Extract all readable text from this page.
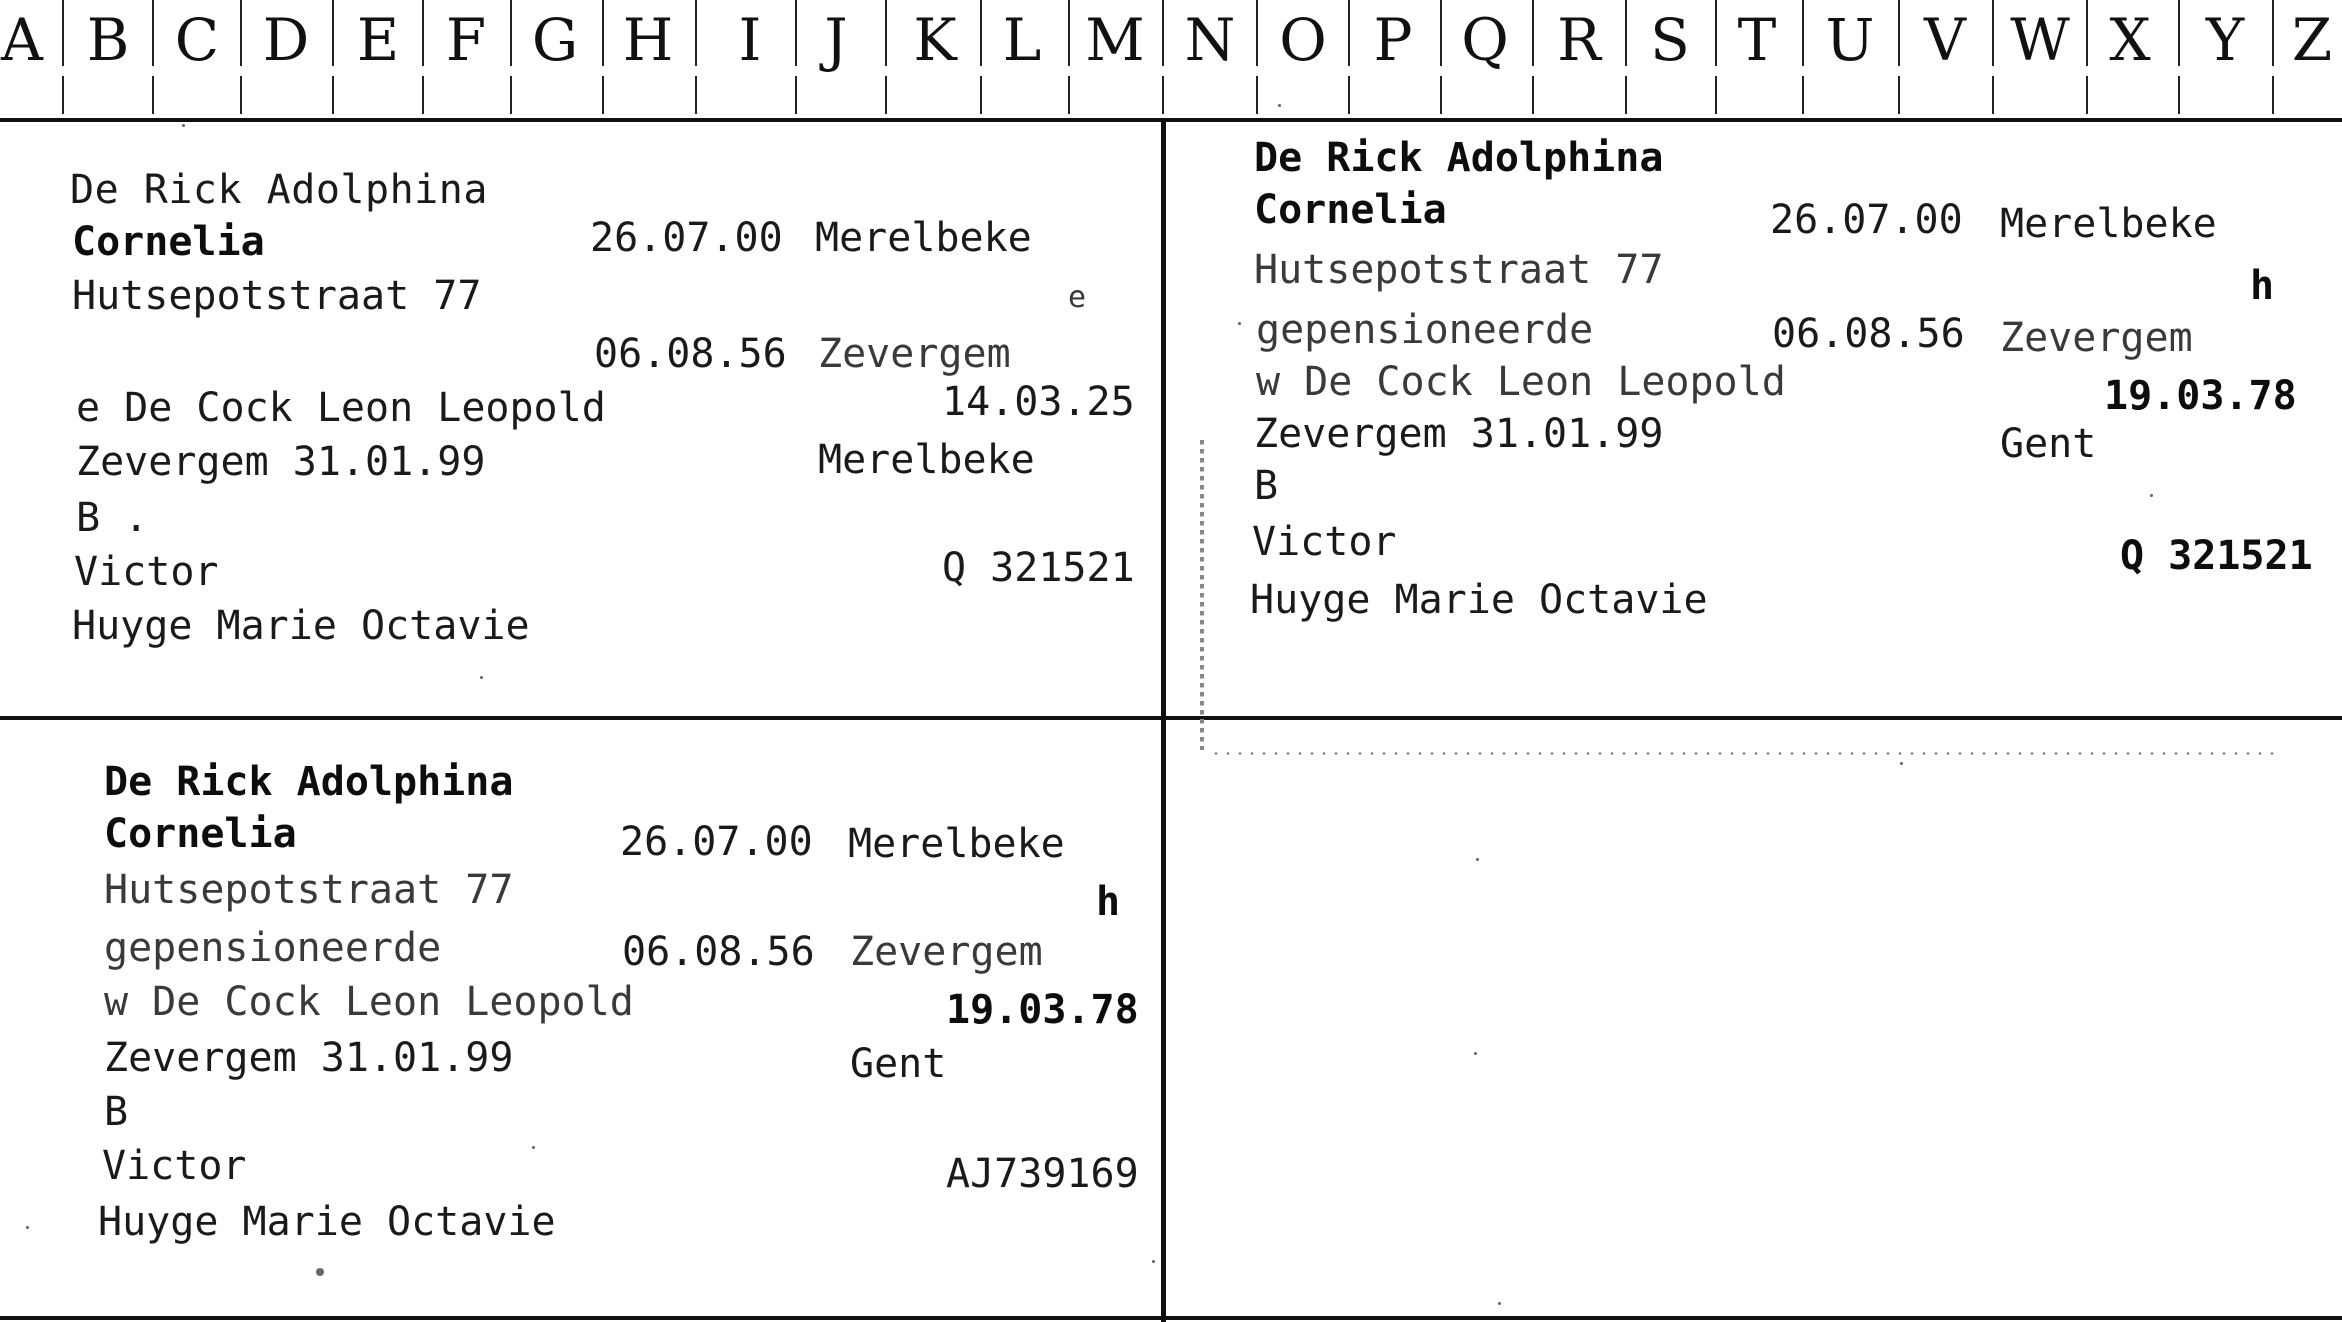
A B C D E F G H	I	J	K L M N O P Q R S T U V W X Y Z
De Rick Adolphina
Cornelia	26.07.00 Merelbeke
Hutsepotstraat 77	e
06.08.56 Zevergem
e De Cock Leon Leopold	14.03.25
Zevergem 31.01.99	Merelbeke
B .
Victor	Q 321521
Huyge Marie Octavie
De Rick Adolphina
Cornelia	26.07.00 Merelbeke
Hutsepotstraat 77	h
gepensioneerde	06.08.56 Zevergem
w De Cock Leon Leopold	19.03.78
Zevergem 31.01.99	Gent
B
Victor	Q 321521
Huyge Marie Octavie
De Rick Adolphina
Cornelia	26.07.00 Merelbeke
Hutsepotstraat 77	h
gepensioneerde	06.08.56 Zevergem
w De Cock Leon Leopold	19.03.78
Zevergem 31.01.99	Gent
B
Victor	AJ739169
Huyge Marie Octavie
